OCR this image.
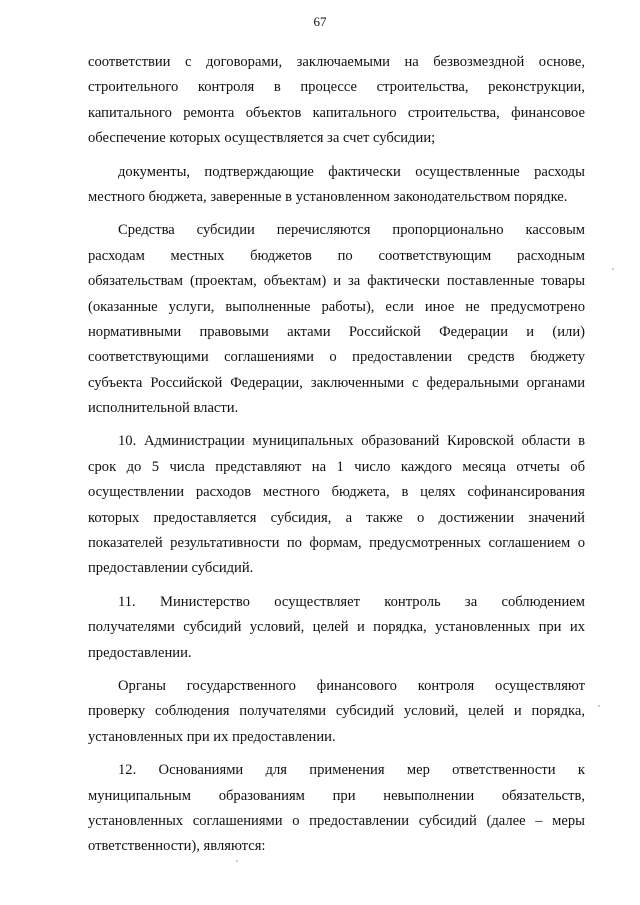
67
соответствии с договорами, заключаемыми на безвозмездной основе,
строительного контроля в процессе строительства, реконструкции,
капитального ремонта объектов капитального строительства, финансовое
обеспечение которых осуществляется за счет субсидии;
документы, подтверждающие фактически осуществленные расходы
местного бюджета, заверенные в установленном законодательством порядке.
Средства субсидии перечисляются пропорционально кассовым
расходам местных бюджетов по соответствующим расходным
обязательствам (проектам, объектам) и за фактически поставленные товары
(оказанные услуги, выполненные работы), если иное не предусмотрено
нормативными правовыми актами Российской Федерации и (или)
соответствующими соглашениями о предоставлении средств бюджету
субъекта Российской Федерации, заключенными с федеральными органами
исполнительной власти.
10. Администрации муниципальных образований Кировской области в
срок до 5 числа представляют на 1 число каждого месяца отчеты об
осуществлении расходов местного бюджета, в целях софинансирования
которых предоставляется субсидия, а также о достижении значений
показателей результативности по формам, предусмотренных соглашением о
предоставлении субсидий.
11. Министерство осуществляет контроль за соблюдением
получателями субсидий условий, целей и порядка, установленных при их
предоставлении.
Органы государственного финансового контроля осуществляют
проверку соблюдения получателями субсидий условий, целей и порядка,
установленных при их предоставлении.
12. Основаниями для применения мер ответственности к
муниципальным образованиям при невыполнении обязательств,
установленных соглашениями о предоставлении субсидий (далее – меры
ответственности), являются:
